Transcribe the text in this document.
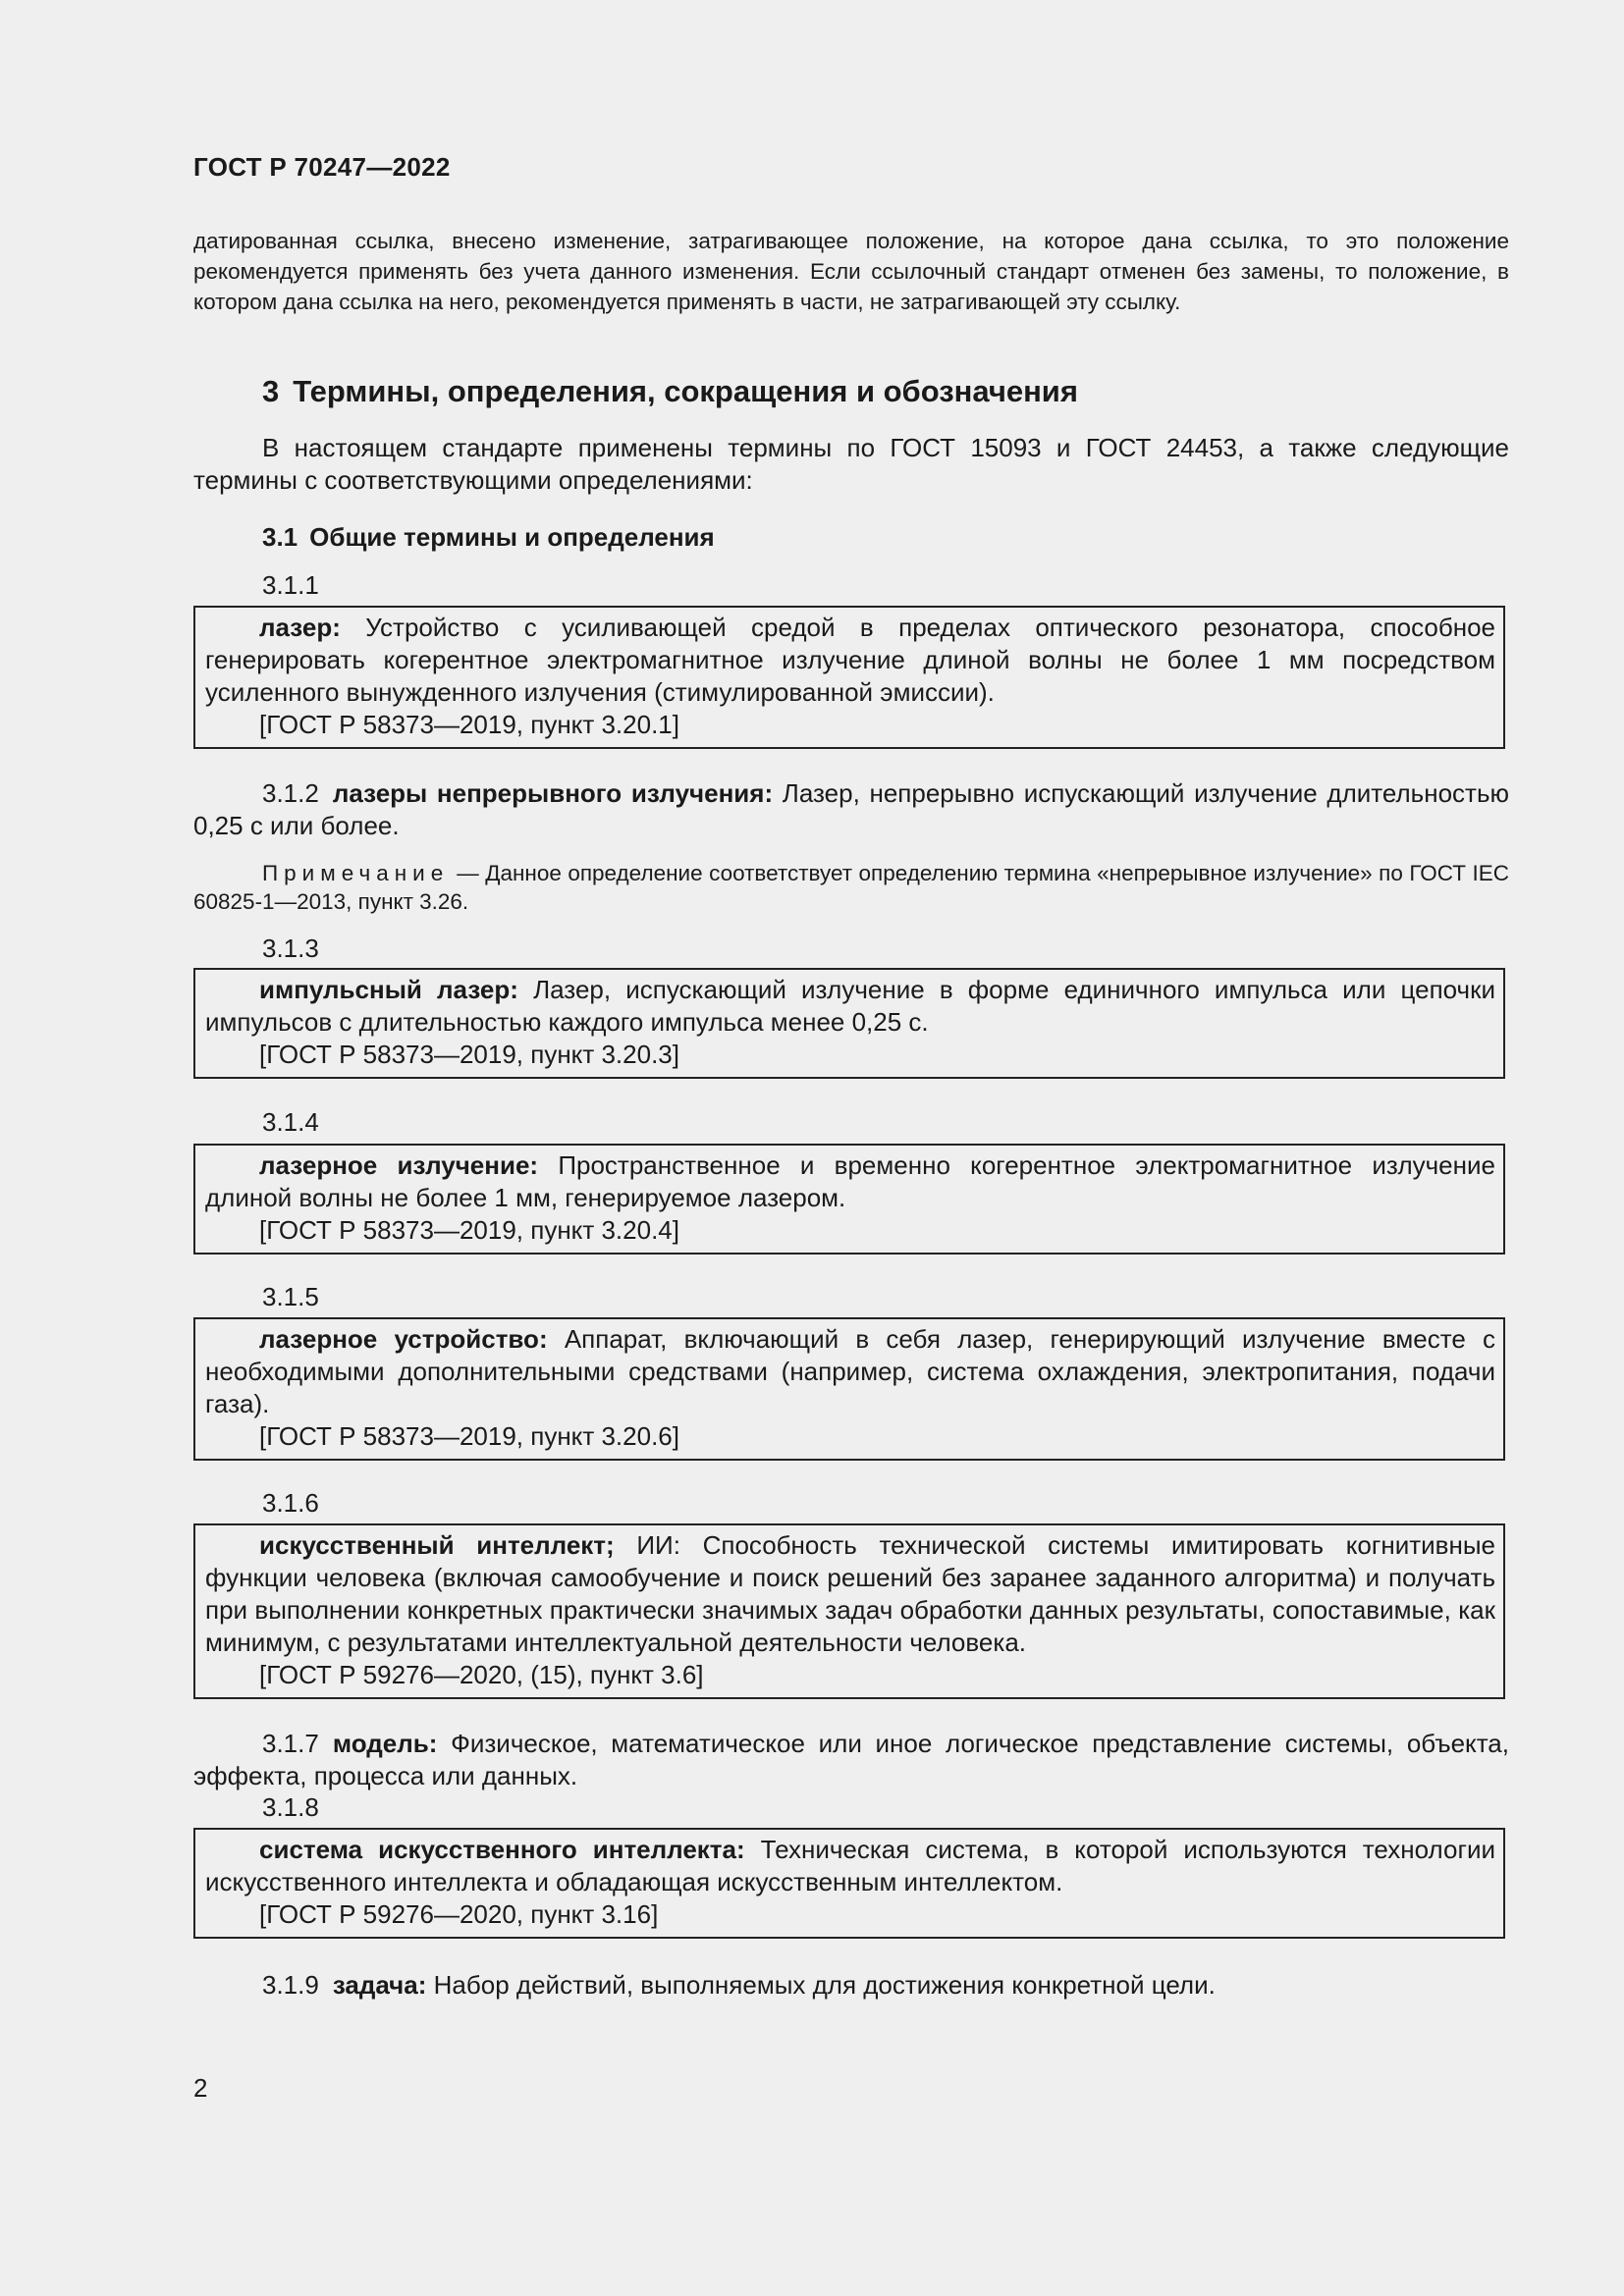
ГОСТ Р 70247—2022
датированная ссылка, внесено изменение, затрагивающее положение, на которое дана ссылка, то это положение рекомендуется применять без учета данного изменения. Если ссылочный стандарт отменен без замены, то положение, в котором дана ссылка на него, рекомендуется применять в части, не затрагивающей эту ссылку.
3 Термины, определения, сокращения и обозначения
В настоящем стандарте применены термины по ГОСТ 15093 и ГОСТ 24453, а также следующие термины с соответствующими определениями:
3.1 Общие термины и определения
3.1.1
лазер: Устройство с усиливающей средой в пределах оптического резонатора, способное генерировать когерентное электромагнитное излучение длиной волны не более 1 мм посредством усиленного вынужденного излучения (стимулированной эмиссии).
[ГОСТ Р 58373—2019, пункт 3.20.1]
3.1.2 лазеры непрерывного излучения: Лазер, непрерывно испускающий излучение длительностью 0,25 с или более.
Примечание — Данное определение соответствует определению термина «непрерывное излучение» по ГОСТ IEC 60825-1—2013, пункт 3.26.
3.1.3
импульсный лазер: Лазер, испускающий излучение в форме единичного импульса или цепочки импульсов с длительностью каждого импульса менее 0,25 с.
[ГОСТ Р 58373—2019, пункт 3.20.3]
3.1.4
лазерное излучение: Пространственное и временно когерентное электромагнитное излучение длиной волны не более 1 мм, генерируемое лазером.
[ГОСТ Р 58373—2019, пункт 3.20.4]
3.1.5
лазерное устройство: Аппарат, включающий в себя лазер, генерирующий излучение вместе с необходимыми дополнительными средствами (например, система охлаждения, электропитания, подачи газа).
[ГОСТ Р 58373—2019, пункт 3.20.6]
3.1.6
искусственный интеллект; ИИ: Способность технической системы имитировать когнитивные функции человека (включая самообучение и поиск решений без заранее заданного алгоритма) и получать при выполнении конкретных практически значимых задач обработки данных результаты, сопоставимые, как минимум, с результатами интеллектуальной деятельности человека.
[ГОСТ Р 59276—2020, (15), пункт 3.6]
3.1.7 модель: Физическое, математическое или иное логическое представление системы, объекта, эффекта, процесса или данных.
3.1.8
система искусственного интеллекта: Техническая система, в которой используются технологии искусственного интеллекта и обладающая искусственным интеллектом.
[ГОСТ Р 59276—2020, пункт 3.16]
3.1.9 задача: Набор действий, выполняемых для достижения конкретной цели.
2
